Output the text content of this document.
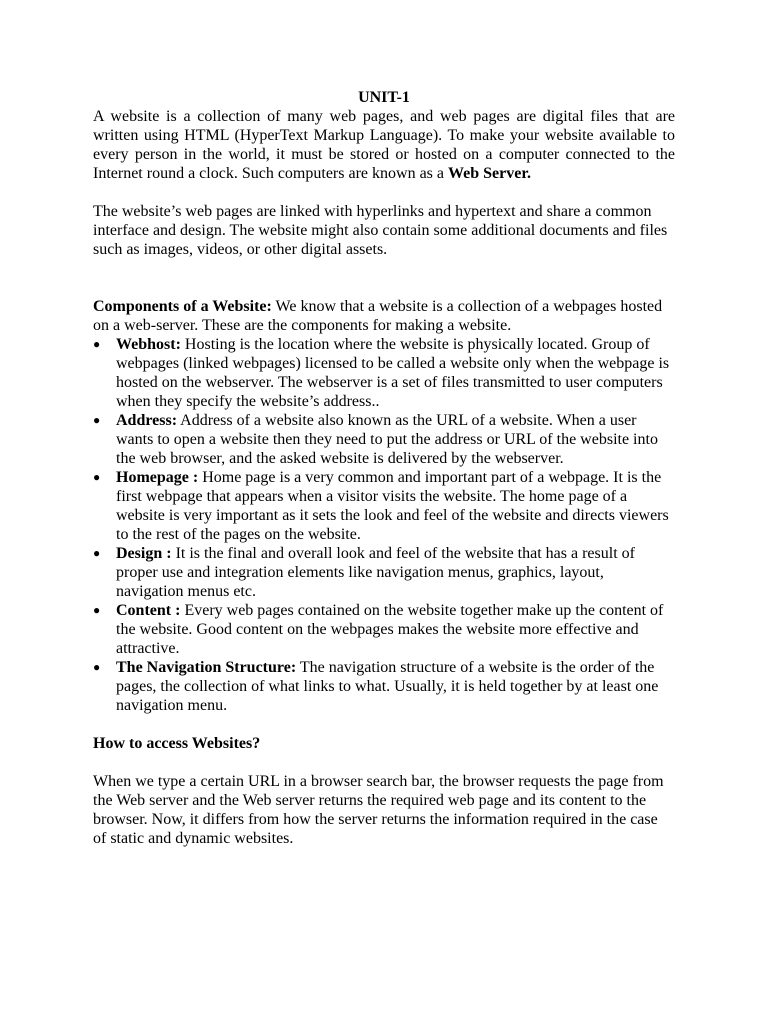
UNIT-1

A website is a collection of many web pages, and web pages are digital files that are written using HTML (HyperText Markup Language). To make your website available to every person in the world, it must be stored or hosted on a computer connected to the Internet round a clock. Such computers are known as a Web Server.

The website’s web pages are linked with hyperlinks and hypertext and share a common interface and design. The website might also contain some additional documents and files such as images, videos, or other digital assets.

Components of a Website: We know that a website is a collection of a webpages hosted on a web-server. These are the components for making a website.

● Webhost: Hosting is the location where the website is physically located. Group of webpages (linked webpages) licensed to be called a website only when the webpage is hosted on the webserver. The webserver is a set of files transmitted to user computers when they specify the website’s address..
● Address: Address of a website also known as the URL of a website. When a user wants to open a website then they need to put the address or URL of the website into the web browser, and the asked website is delivered by the webserver.
● Homepage : Home page is a very common and important part of a webpage. It is the first webpage that appears when a visitor visits the website. The home page of a website is very important as it sets the look and feel of the website and directs viewers to the rest of the pages on the website.
● Design : It is the final and overall look and feel of the website that has a result of proper use and integration elements like navigation menus, graphics, layout, navigation menus etc.
● Content : Every web pages contained on the website together make up the content of the website. Good content on the webpages makes the website more effective and attractive.
● The Navigation Structure: The navigation structure of a website is the order of the pages, the collection of what links to what. Usually, it is held together by at least one navigation menu.

How to access Websites?

When we type a certain URL in a browser search bar, the browser requests the page from the Web server and the Web server returns the required web page and its content to the browser. Now, it differs from how the server returns the information required in the case of static and dynamic websites.
